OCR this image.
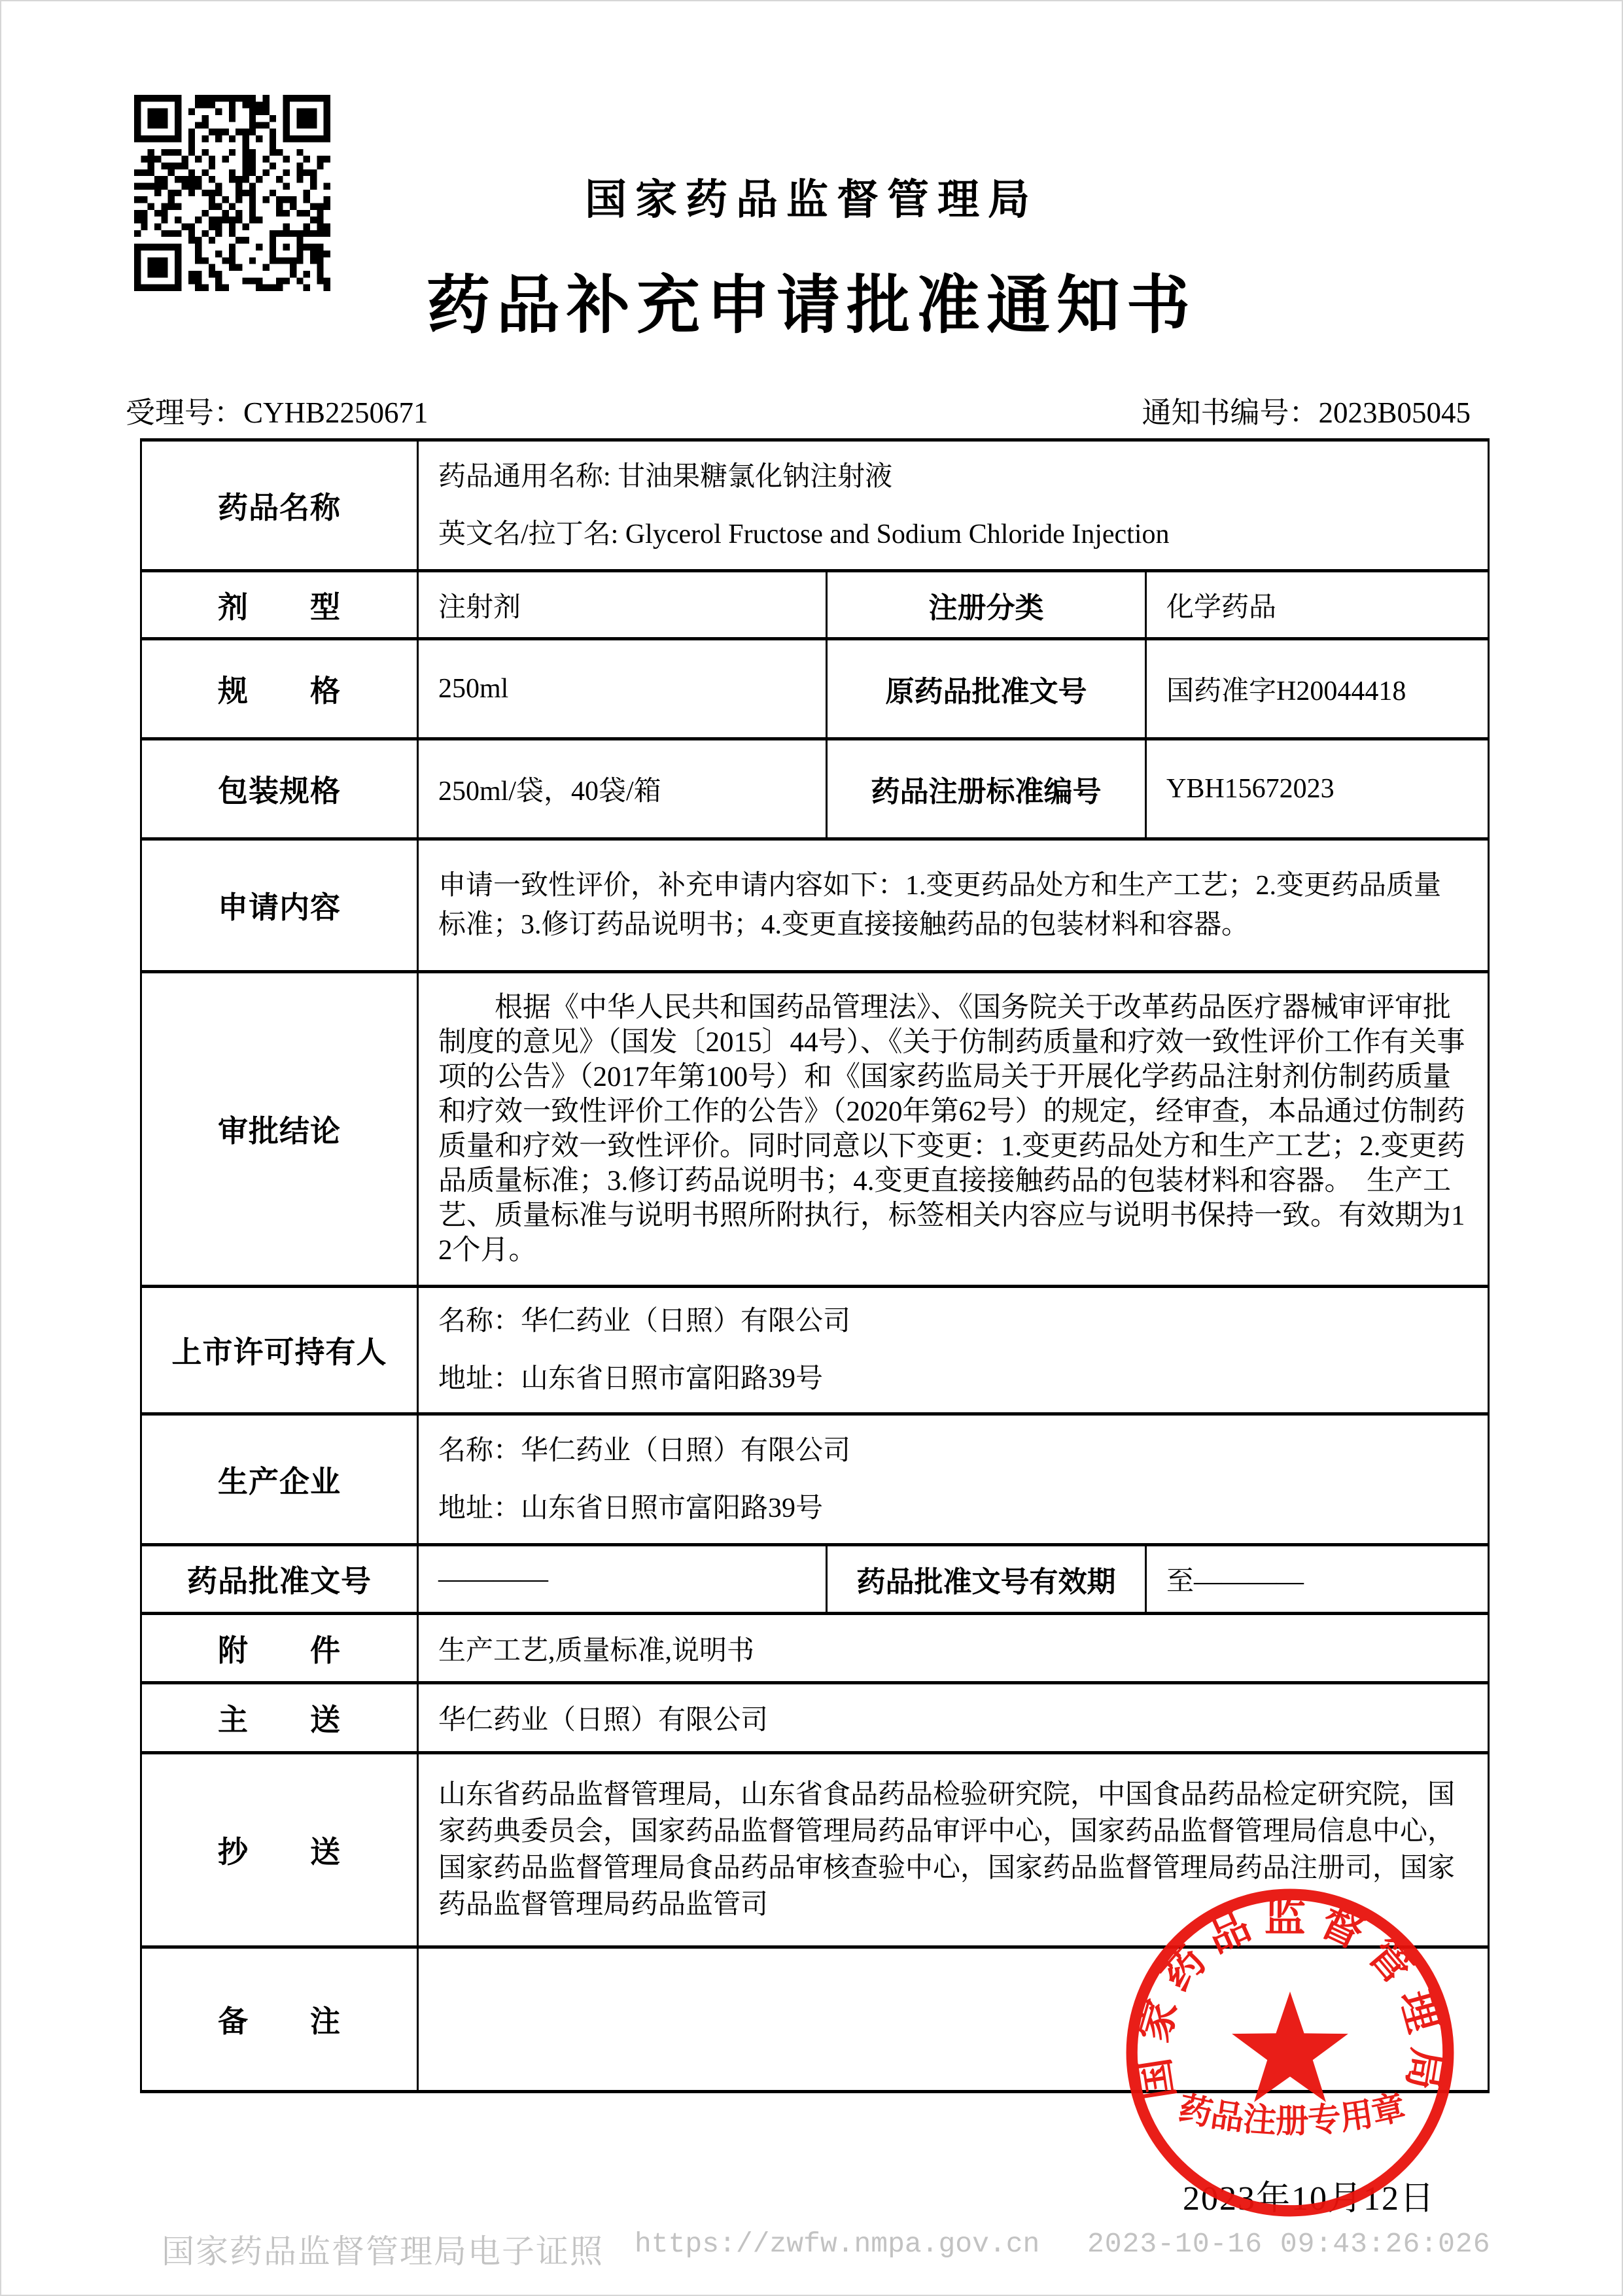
国家药品监督管理局
药品补充申请批准通知书
受理号：CYHB2250671	通知书编号：2023B05045
药品名称	药品通用名称: 甘油果糖氯化钠注射液
英文名/拉丁名: Glycerol Fructose and Sodium Chloride Injection		

剂　　型	注射剂	注册分类	化学药品
规　　格	250ml	原药品批准文号	国药准字H20044418
包装规格	250ml/袋，40袋/箱	药品注册标准编号	YBH15672023
申请内容	申请一致性评价，补充申请内容如下：1.变更药品处方和生产工艺；2.变更药品质量标准；3.修订药品说明书；4.变更直接接触药品的包装材料和容器。		
审批结论	　　根据《中华人民共和国药品管理法》、《国务院关于改革药品医疗器械审评审批制度的意见》（国发〔2015〕44号）、《关于仿制药质量和疗效一致性评价工作有关事项的公告》（2017年第100号）和《国家药监局关于开展化学药品注射剂仿制药质量和疗效一致性评价工作的公告》（2020年第62号）的规定，经审查，本品通过仿制药质量和疗效一致性评价。同时同意以下变更：1.变更药品处方和生产工艺；2.变更药品质量标准；3.修订药品说明书；4.变更直接接触药品的包装材料和容器。　生产工艺、质量标准与说明书照所附执行，标签相关内容应与说明书保持一致。有效期为12个月。		
上市许可持有人	名称：华仁药业（日照）有限公司
地址：山东省日照市富阳路39号		

生产企业	名称：华仁药业（日照）有限公司
地址：山东省日照市富阳路39号		

药品批准文号	————	药品批准文号有效期	至————
附　　件	生产工艺,质量标准,说明书		
主　　送	华仁药业（日照）有限公司		
抄　　送	山东省药品监督管理局，山东省食品药品检验研究院，中国食品药品检定研究院，国家药典委员会，国家药品监督管理局药品审评中心，国家药品监督管理局信息中心，国家药品监督管理局食品药品审核查验中心，国家药品监督管理局药品注册司，国家药品监督管理局药品监管司		
备　　注			
2023年10月12日
国家药品监督管理局
药品注册专用章
国家药品监督管理局电子证照 https://zwfw.nmpa.gov.cn 2023-10-16 09:43:26:026
